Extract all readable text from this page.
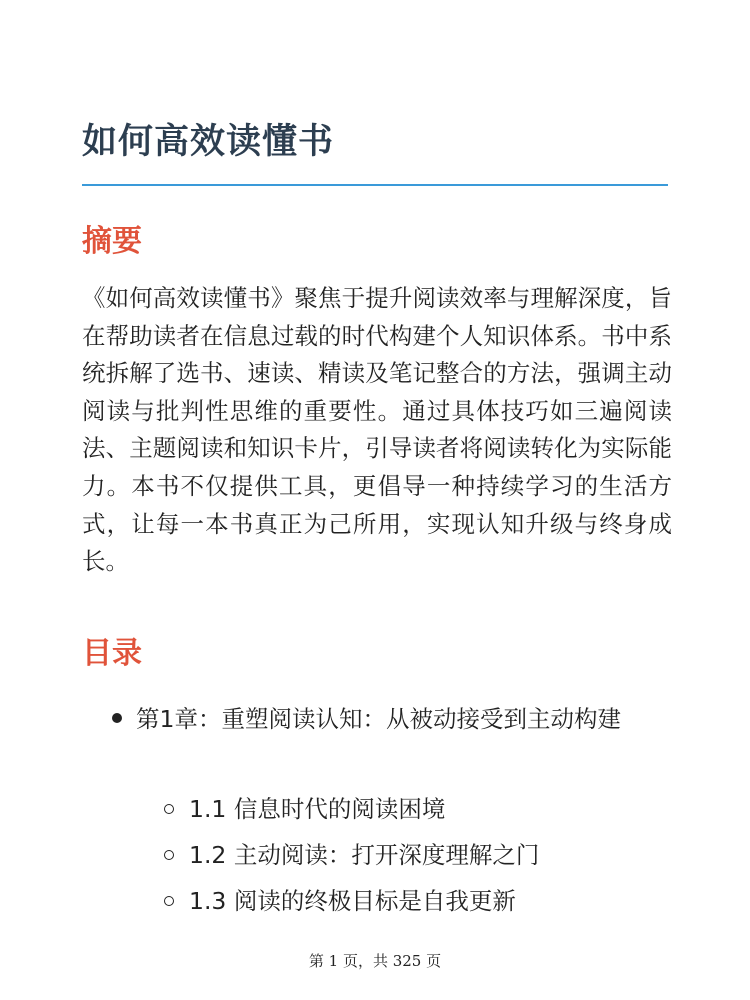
如何高效读懂书
摘要

《如何高效读懂书》聚焦于提升阅读效率与理解深度，旨在帮助读者在信息过载的时代构建个人知识体系。书中系统拆解了选书、速读、精读及笔记整合的方法，强调主动阅读与批判性思维的重要性。通过具体技巧如三遍阅读法、主题阅读和知识卡片，引导读者将阅读转化为实际能力。本书不仅提供工具，更倡导一种持续学习的生活方式，让每一本书真正为己所用，实现认知升级与终身成长。

目录
第1章：重塑阅读认知：从被动接受到主动构建
1.1 信息时代的阅读困境
1.2 主动阅读：打开深度理解之门
1.3 阅读的终极目标是自我更新
第 1 页，共 325 页
